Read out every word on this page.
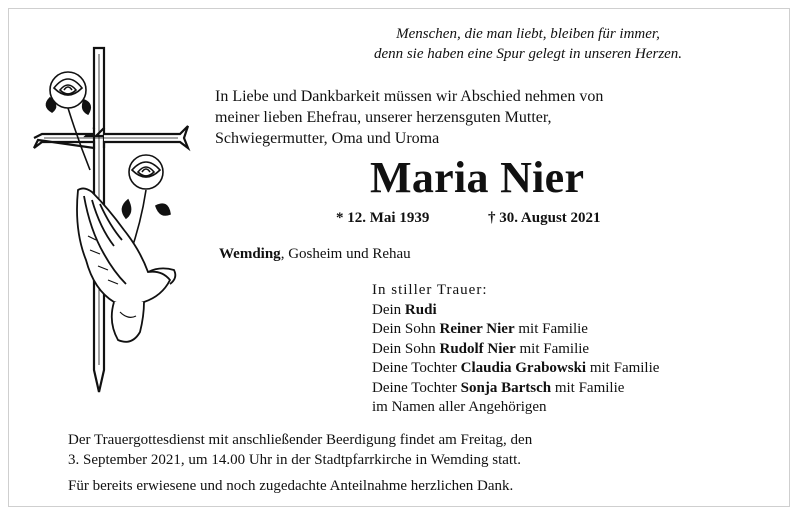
Menschen, die man liebt, bleiben für immer,
denn sie haben eine Spur gelegt in unseren Herzen.
In Liebe und Dankbarkeit müssen wir Abschied nehmen von
meiner lieben Ehefrau, unserer herzensguten Mutter,
Schwiegermutter, Oma und Uroma
Maria Nier
* 12. Mai 1939	† 30. August 2021
Wemding, Gosheim und Rehau
In stiller Trauer:
Dein Rudi
Dein Sohn Reiner Nier mit Familie
Dein Sohn Rudolf Nier mit Familie
Deine Tochter Claudia Grabowski mit Familie
Deine Tochter Sonja Bartsch mit Familie
im Namen aller Angehörigen
Der Trauergottesdienst mit anschließender Beerdigung findet am Freitag, den
3. September 2021, um 14.00 Uhr in der Stadtpfarrkirche in Wemding statt.
Für bereits erwiesene und noch zugedachte Anteilnahme herzlichen Dank.
